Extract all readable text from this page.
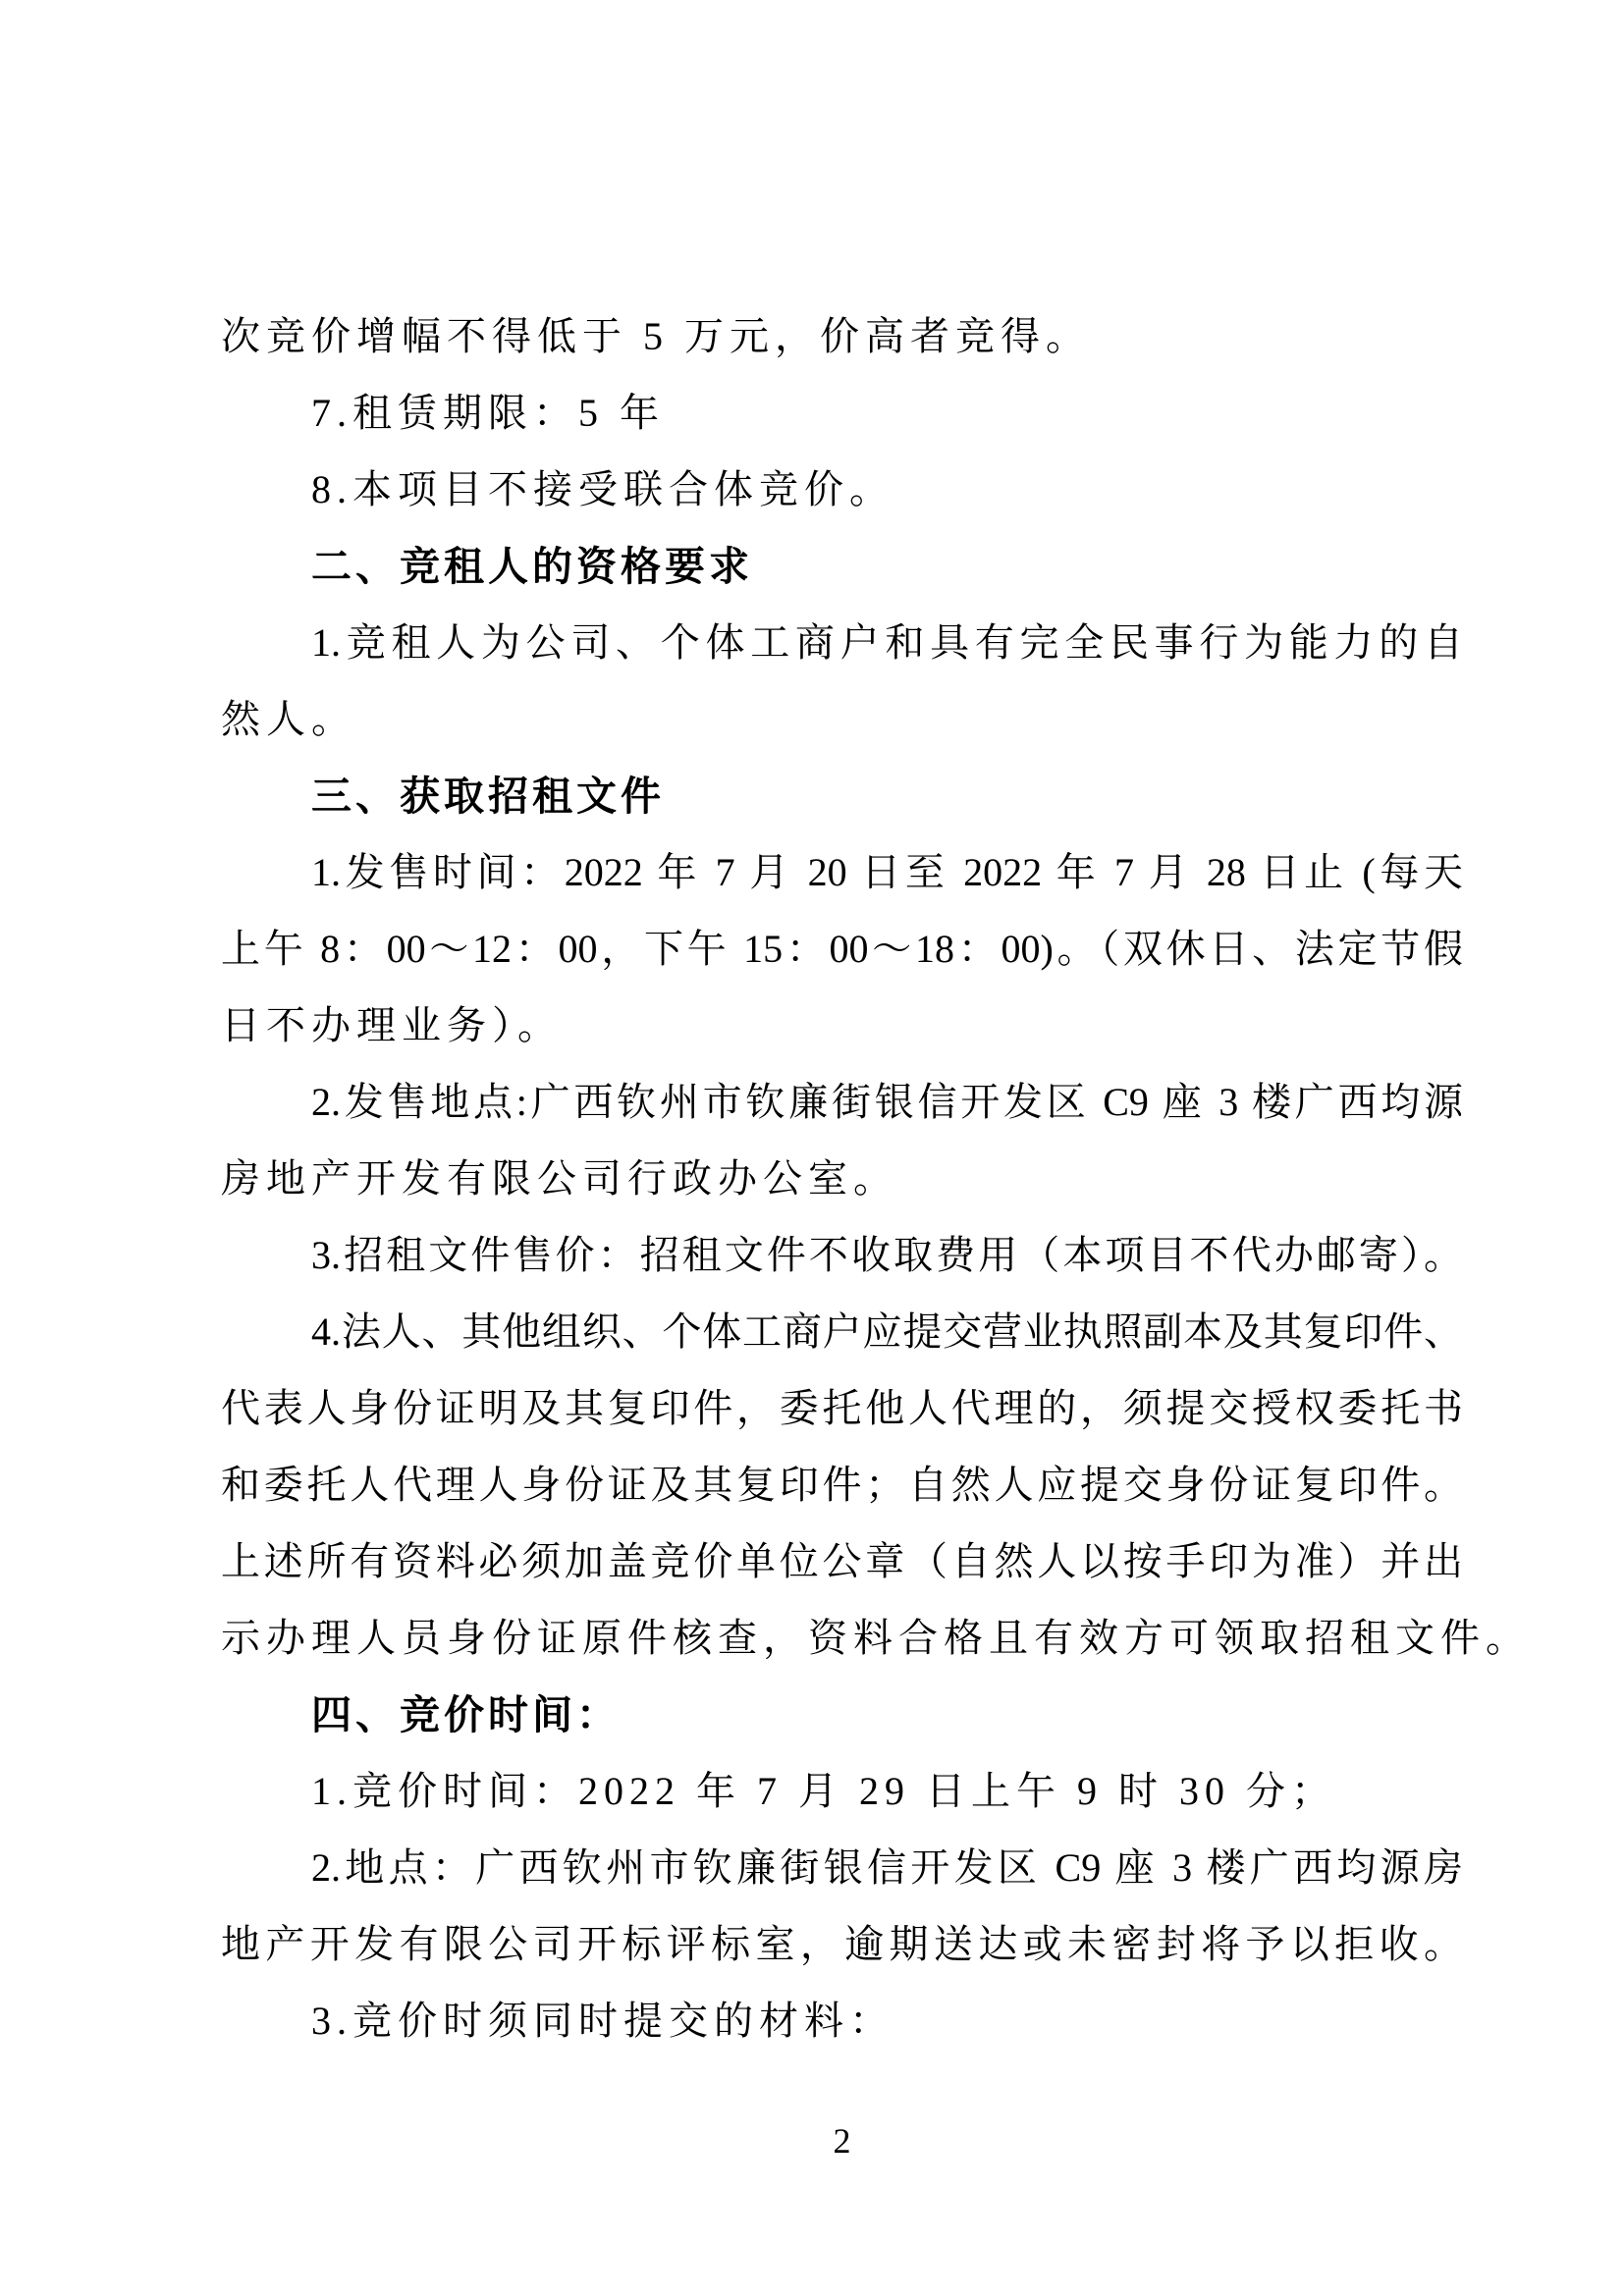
次竞价增幅不得低于 5 万元，价高者竞得。
7.租赁期限：5 年
8.本项目不接受联合体竞价。
二、竞租人的资格要求
1.竞租人为公司、个体工商户和具有完全民事行为能力的自
然人。
三、获取招租文件
1.发售时间：2022 年 7 月 20 日至 2022 年 7 月 28 日止 (每天
上午 8：00～12：00，下午 15：00～18：00)。（双休日、法定节假
日不办理业务）。
2.发售地点:广西钦州市钦廉街银信开发区 C9 座 3 楼广西均源
房地产开发有限公司行政办公室。
3.招租文件售价：招租文件不收取费用（本项目不代办邮寄）。
4.法人、其他组织、个体工商户应提交营业执照副本及其复印件、
代表人身份证明及其复印件，委托他人代理的，须提交授权委托书
和委托人代理人身份证及其复印件；自然人应提交身份证复印件。
上述所有资料必须加盖竞价单位公章（自然人以按手印为准）并出
示办理人员身份证原件核查，资料合格且有效方可领取招租文件。
四、竞价时间：
1.竞价时间：2022 年 7 月 29 日上午 9 时 30 分；
2.地点：广西钦州市钦廉街银信开发区 C9 座 3 楼广西均源房
地产开发有限公司开标评标室，逾期送达或未密封将予以拒收。
3.竞价时须同时提交的材料：
2
